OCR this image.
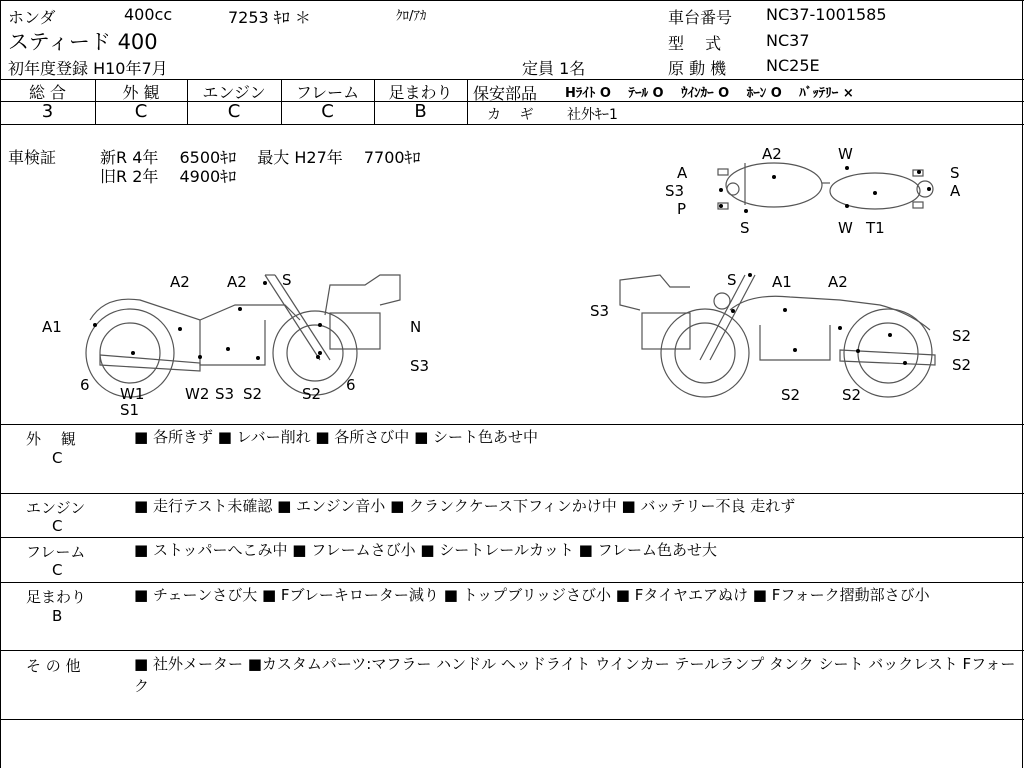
ホンダ	400cc	7253 ｷﾛ ＊	ｸﾛ/ｱｶ
スティード 400
初年度登録 H10年7月	定員 1名
車台番号 NC37-1001585
型　 式	NC37
原 動 機 NC25E
総 合	外 観	エンジン	フレーム	足まわり
3	C	C	C	B
保安部品 Hﾗｲﾄ O　 ﾃｰﾙ O　 ｳｲﾝｶｰ O　 ﾎｰﾝ O　 ﾊﾞｯﾃﾘｰ ×
カ　 ギ 社外ｷｰ1
車検証	新R 4年　 6500ｷﾛ　 最大 H27年　 7700ｷﾛ
旧R 2年　 4900ｷﾛ
A2	W
A	S
S3	A
P
S	W T1
A2 A2 S
A1	N
S3
6 W1
S1
W2 S3 S2	S2 6
S A1 A2
S3
S2
S2
S2	S2
外　 観
C
■ 各所きず ■ レバー削れ ■ 各所さび中 ■ シート色あせ中
エンジン
C
■ 走行テスト未確認 ■ エンジン音小 ■ クランクケース下フィンかけ中 ■ バッテリー不良 走れず
フレーム
C
■ ストッパーへこみ中 ■ フレームさび小 ■ シートレールカット ■ フレーム色あせ大
足まわり
B
■ チェーンさび大 ■ Fブレーキローター減り ■ トップブリッジさび小 ■ Fタイヤエアぬけ ■ Fフォーク摺動部さび小
そ の 他	■ 社外メーター ■カスタムパーツ:マフラー ハンドル ヘッドライト ウインカー テールランプ タンク シート バックレスト Fフォーク
